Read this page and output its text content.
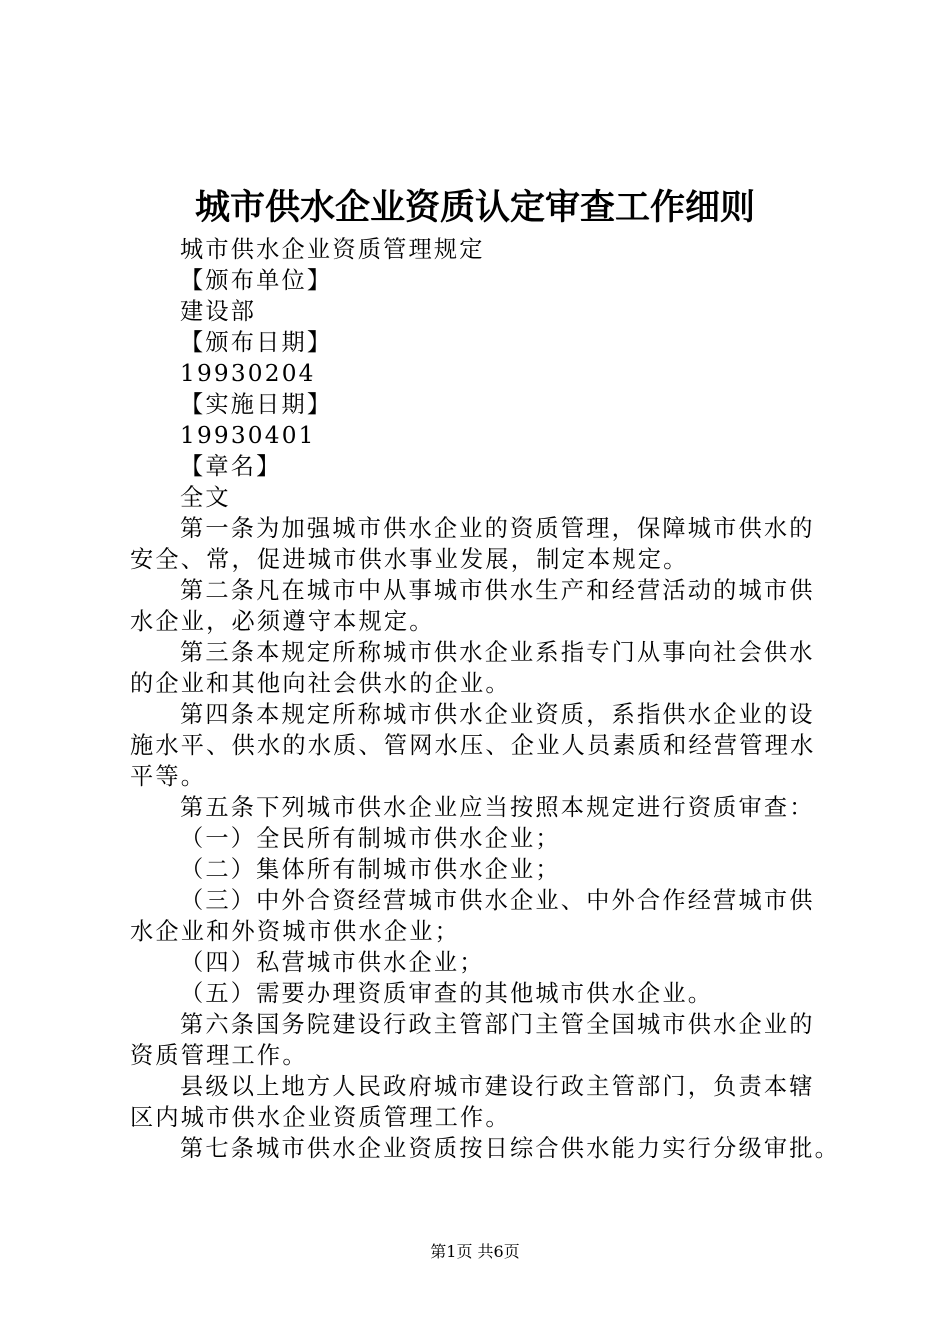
城市供水企业资质认定审查工作细则

城市供水企业资质管理规定

【颁布单位】

建设部

【颁布日期】

19930204

【实施日期】

19930401

【章名】

全文

第一条为加强城市供水企业的资质管理，保障城市供水的

安全、常，促进城市供水事业发展，制定本规定。

第二条凡在城市中从事城市供水生产和经营活动的城市供

水企业，必须遵守本规定。

第三条本规定所称城市供水企业系指专门从事向社会供水

的企业和其他向社会供水的企业。

第四条本规定所称城市供水企业资质，系指供水企业的设

施水平、供水的水质、管网水压、企业人员素质和经营管理水

平等。

第五条下列城市供水企业应当按照本规定进行资质审查：

（一）全民所有制城市供水企业；

（二）集体所有制城市供水企业；

（三）中外合资经营城市供水企业、中外合作经营城市供

水企业和外资城市供水企业；

（四）私营城市供水企业；

（五）需要办理资质审查的其他城市供水企业。

第六条国务院建设行政主管部门主管全国城市供水企业的

资质管理工作。

县级以上地方人民政府城市建设行政主管部门，负责本辖

区内城市供水企业资质管理工作。

第七条城市供水企业资质按日综合供水能力实行分级审批。

第1页 共6页
